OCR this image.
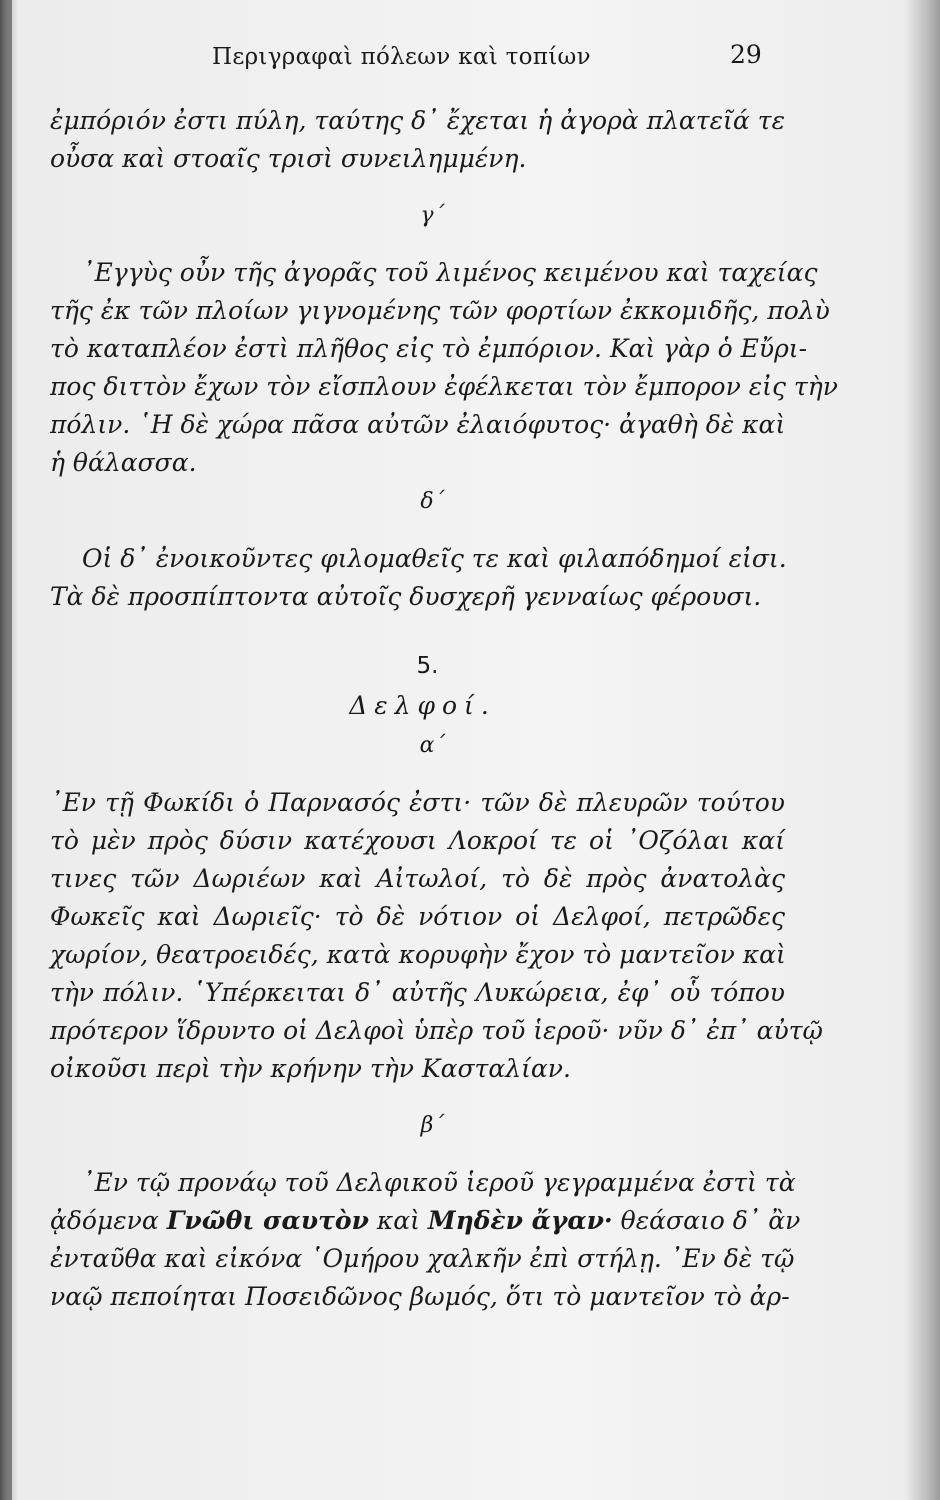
Περιγραφαὶ πόλεων καὶ τοπίων	29
ἐμπόριόν ἐστι πύλη, ταύτης δ᾽ ἔχεται ἡ ἀγορὰ πλατεῖά τε
οὖσα καὶ στοαῖς τρισὶ συνειλημμένη.
γ´
᾽Εγγὺς οὖν τῆς ἀγορᾶς τοῦ λιμένος κειμένου καὶ ταχείας
τῆς ἐκ τῶν πλοίων γιγνομένης τῶν φορτίων ἐκκομιδῆς, πολὺ
τὸ καταπλέον ἐστὶ πλῆθος εἰς τὸ ἐμπόριον. Καὶ γὰρ ὁ Εὔρι-
πος διττὸν ἔχων τὸν εἴσπλουν ἐφέλκεται τὸν ἔμπορον εἰς τὴν
πόλιν. ῾Η δὲ χώρα πᾶσα αὐτῶν ἐλαιόφυτος· ἀγαθὴ δὲ καὶ
ἡ θάλασσα.
δ´
Οἱ δ᾽ ἐνοικοῦντες φιλομαθεῖς τε καὶ φιλαπόδημοί εἰσι.
Τὰ δὲ προσπίπτοντα αὐτοῖς δυσχερῆ γενναίως φέρουσι.
5.
Δελφοί.
α´
᾽Εν τῇ Φωκίδι ὁ Παρνασός ἐστι· τῶν δὲ πλευρῶν τούτου
τὸ μὲν πρὸς δύσιν κατέχουσι Λοκροί τε οἱ ᾽Οζόλαι καί
τινες τῶν Δωριέων καὶ Αἰτωλοί, τὸ δὲ πρὸς ἀνατολὰς
Φωκεῖς καὶ Δωριεῖς· τὸ δὲ νότιον οἱ Δελφοί, πετρῶδες
χωρίον, θεατροειδές, κατὰ κορυφὴν ἔχον τὸ μαντεῖον καὶ
τὴν πόλιν. ῾Υπέρκειται δ᾽ αὐτῆς Λυκώρεια, ἐφ᾽ οὗ τόπου
πρότερον ἵδρυντο οἱ Δελφοὶ ὑπὲρ τοῦ ἱεροῦ· νῦν δ᾽ ἐπ᾽ αὐτῷ
οἰκοῦσι περὶ τὴν κρήνην τὴν Κασταλίαν.
β´
᾽Εν τῷ προνάῳ τοῦ Δελφικοῦ ἱεροῦ γεγραμμένα ἐστὶ τὰ
ᾀδόμενα Γνῶθι σαυτὸν καὶ Μηδὲν ἄγαν· θεάσαιο δ᾽ ἂν
ἐνταῦθα καὶ εἰκόνα ῾Ομήρου χαλκῆν ἐπὶ στήλῃ. ᾽Εν δὲ τῷ
ναῷ πεποίηται Ποσειδῶνος βωμός, ὅτι τὸ μαντεῖον τὸ ἀρ-
